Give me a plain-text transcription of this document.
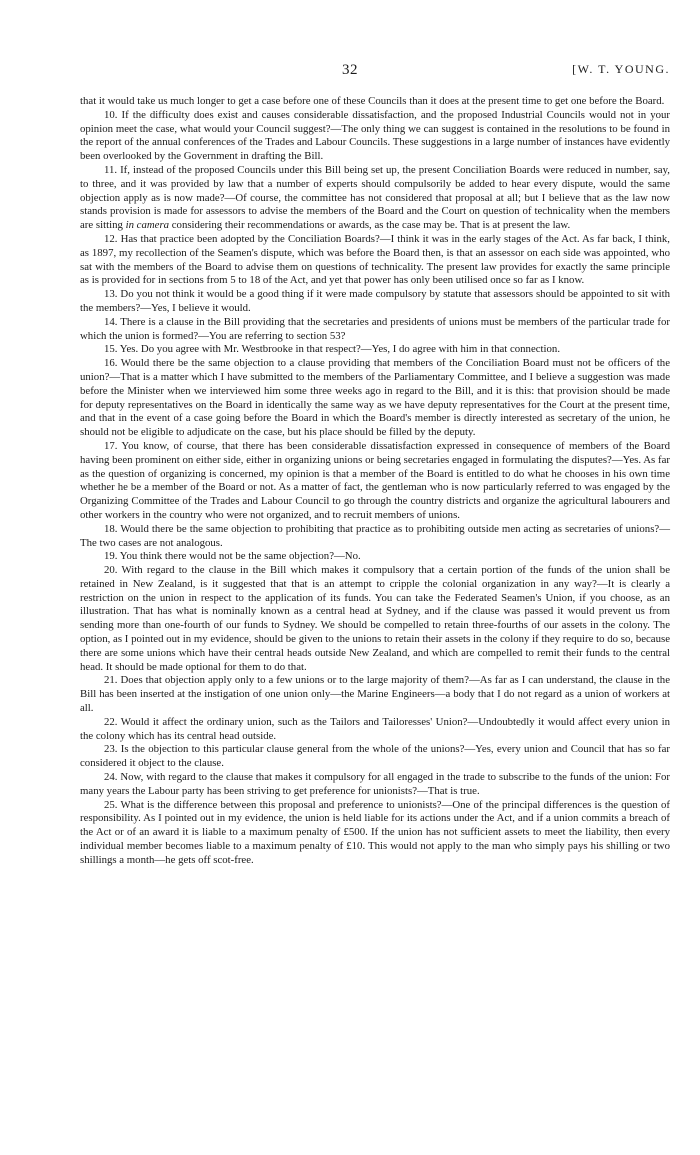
32	[W. T. YOUNG.

that it would take us much longer to get a case before one of these Councils than it does at the present time to get one before the Board.

10. If the difficulty does exist and causes considerable dissatisfaction, and the proposed Industrial Councils would not in your opinion meet the case, what would your Council suggest?—The only thing we can suggest is contained in the resolutions to be found in the report of the annual conferences of the Trades and Labour Councils. These suggestions in a large number of instances have evidently been overlooked by the Government in drafting the Bill.

11. If, instead of the proposed Councils under this Bill being set up, the present Conciliation Boards were reduced in number, say, to three, and it was provided by law that a number of experts should compulsorily be added to hear every dispute, would the same objection apply as is now made?—Of course, the committee has not considered that proposal at all; but I believe that as the law now stands provision is made for assessors to advise the members of the Board and the Court on question of technicality when the members are sitting in camera considering their recommendations or awards, as the case may be. That is at present the law.

12. Has that practice been adopted by the Conciliation Boards?—I think it was in the early stages of the Act. As far back, I think, as 1897, my recollection of the Seamen's dispute, which was before the Board then, is that an assessor on each side was appointed, who sat with the members of the Board to advise them on questions of technicality. The present law provides for exactly the same principle as is provided for in sections from 5 to 18 of the Act, and yet that power has only been utilised once so far as I know.

13. Do you not think it would be a good thing if it were made compulsory by statute that assessors should be appointed to sit with the members?—Yes, I believe it would.

14. There is a clause in the Bill providing that the secretaries and presidents of unions must be members of the particular trade for which the union is formed?—You are referring to section 53?

15. Yes. Do you agree with Mr. Westbrooke in that respect?—Yes, I do agree with him in that connection.

16. Would there be the same objection to a clause providing that members of the Conciliation Board must not be officers of the union?—That is a matter which I have submitted to the members of the Parliamentary Committee, and I believe a suggestion was made before the Minister when we interviewed him some three weeks ago in regard to the Bill, and it is this: that provision should be made for deputy representatives on the Board in identically the same way as we have deputy representatives for the Court at the present time, and that in the event of a case going before the Board in which the Board's member is directly interested as secretary of the union, he should not be eligible to adjudicate on the case, but his place should be filled by the deputy.

17. You know, of course, that there has been considerable dissatisfaction expressed in consequence of members of the Board having been prominent on either side, either in organizing unions or being secretaries engaged in formulating the disputes?—Yes. As far as the question of organizing is concerned, my opinion is that a member of the Board is entitled to do what he chooses in his own time whether he be a member of the Board or not. As a matter of fact, the gentleman who is now particularly referred to was engaged by the Organizing Committee of the Trades and Labour Council to go through the country districts and organize the agricultural labourers and other workers in the country who were not organized, and to recruit members of unions.

18. Would there be the same objection to prohibiting that practice as to prohibiting outside men acting as secretaries of unions?—The two cases are not analogous.

19. You think there would not be the same objection?—No.

20. With regard to the clause in the Bill which makes it compulsory that a certain portion of the funds of the union shall be retained in New Zealand, is it suggested that that is an attempt to cripple the colonial organization in any way?—It is clearly a restriction on the union in respect to the application of its funds. You can take the Federated Seamen's Union, if you choose, as an illustration. That has what is nominally known as a central head at Sydney, and if the clause was passed it would prevent us from sending more than one-fourth of our funds to Sydney. We should be compelled to retain three-fourths of our assets in the colony. The option, as I pointed out in my evidence, should be given to the unions to retain their assets in the colony if they require to do so, because there are some unions which have their central heads outside New Zealand, and which are compelled to remit their funds to the central head. It should be made optional for them to do that.

21. Does that objection apply only to a few unions or to the large majority of them?—As far as I can understand, the clause in the Bill has been inserted at the instigation of one union only—the Marine Engineers—a body that I do not regard as a union of workers at all.

22. Would it affect the ordinary union, such as the Tailors and Tailoresses' Union?—Undoubtedly it would affect every union in the colony which has its central head outside.

23. Is the objection to this particular clause general from the whole of the unions?—Yes, every union and Council that has so far considered it object to the clause.

24. Now, with regard to the clause that makes it compulsory for all engaged in the trade to subscribe to the funds of the union: For many years the Labour party has been striving to get preference for unionists?—That is true.

25. What is the difference between this proposal and preference to unionists?—One of the principal differences is the question of responsibility. As I pointed out in my evidence, the union is held liable for its actions under the Act, and if a union commits a breach of the Act or of an award it is liable to a maximum penalty of £500. If the union has not sufficient assets to meet the liability, then every individual member becomes liable to a maximum penalty of £10. This would not apply to the man who simply pays his shilling or two shillings a month—he gets off scot-free.
